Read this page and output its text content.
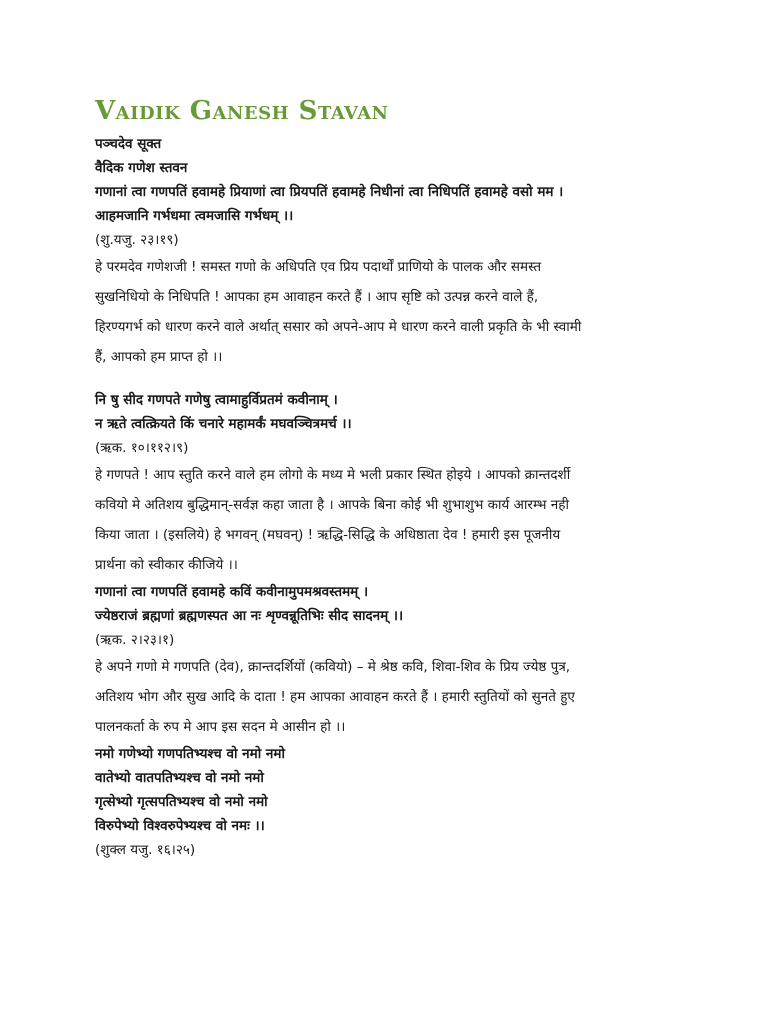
Vaidik Ganesh Stavan

पञ्चदेव सूक्त

वैदिक गणेश स्तवन

गणानां त्वा गणपतिं हवामहे प्रियाणां त्वा प्रियपतिं हवामहे निधीनां त्वा निधिपतिं हवामहे वसो मम ।

आहमजानि गर्भधमा त्वमजासि गर्भधम् ।।

(शु.यजु. २३।१९)

हे परमदेव गणेशजी ! समस्त गणो के अधिपति एव प्रिय पदार्थों प्राणियो के पालक और समस्त

सुखनिधियो के निधिपति ! आपका हम आवाहन करते हैं । आप सृष्टि को उत्पन्न करने वाले हैं,

हिरण्यगर्भ को धारण करने वाले अर्थात् ससार को अपने-आप मे धारण करने वाली प्रकृति के भी स्वामी

हैं, आपको हम प्राप्त हो ।।

नि षु सीद गणपते गणेषु त्वामाहुर्विप्रतमं कवीनाम् ।

न ऋते त्वत्क्रियते किं चनारे महामर्कं मघवञ्चित्रमर्च ।।

(ऋक. १०।११२।९)

हे गणपते ! आप स्तुति करने वाले हम लोगो के मध्य मे भली प्रकार स्थित होइये । आपको क्रान्तदर्शी

कवियो मे अतिशय बुद्धिमान्-सर्वज्ञ कहा जाता है । आपके बिना कोई भी शुभाशुभ कार्य आरम्भ नही

किया जाता । (इसलिये) हे भगवन् (मघवन्) ! ऋद्धि-सिद्धि के अधिष्ठाता देव ! हमारी इस पूजनीय

प्रार्थना को स्वीकार कीजिये ।।

गणानां त्वा गणपतिं हवामहे कविं कवीनामुपमश्रवस्तमम् ।

ज्येष्ठराजं ब्रह्मणां ब्रह्मणस्पत आ नः शृण्वन्नूतिभिः सीद सादनम् ।।

(ऋक. २।२३।१)

हे अपने गणो मे गणपति (देव), क्रान्तदर्शियों (कवियो) – मे श्रेष्ठ कवि, शिवा-शिव के प्रिय ज्येष्ठ पुत्र,

अतिशय भोग और सुख आदि के दाता ! हम आपका आवाहन करते हैं । हमारी स्तुतियों को सुनते हुए

पालनकर्ता के रुप मे आप इस सदन मे आसीन हो ।।

नमो गणेभ्यो गणपतिभ्यश्च वो नमो नमो

वातेभ्यो वातपतिभ्यश्च वो नमो नमो

गृत्सेभ्यो गृत्सपतिभ्यश्च वो नमो नमो

विरुपेभ्यो विश्वरुपेभ्यश्च वो नमः ।।

(शुक्ल यजु. १६।२५)
